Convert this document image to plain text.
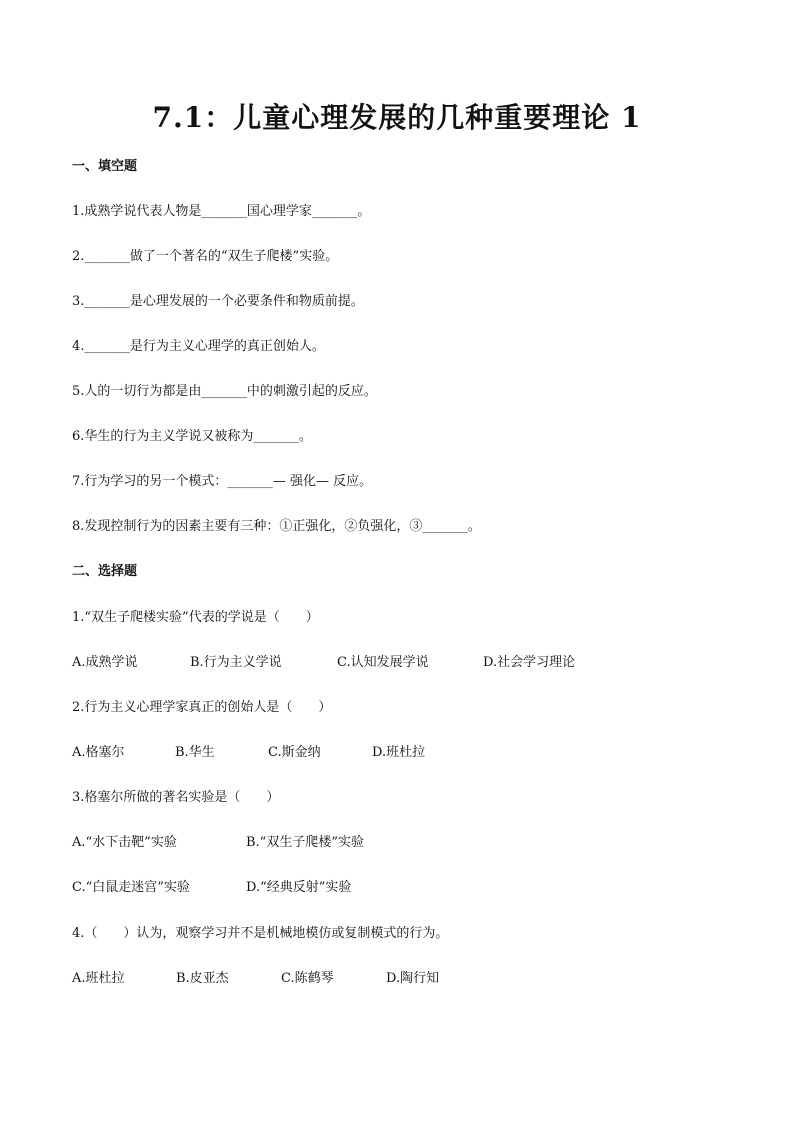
7.1：儿童心理发展的几种重要理论 1
一、填空题
1.成熟学说代表人物是_______国心理学家_______。
2._______做了一个著名的“双生子爬楼”实验。
3._______是心理发展的一个必要条件和物质前提。
4._______是行为主义心理学的真正创始人。
5.人的一切行为都是由_______中的刺激引起的反应。
6.华生的行为主义学说又被称为_______。
7.行为学习的另一个模式：_______— 强化— 反应。
8.发现控制行为的因素主要有三种：①正强化，②负强化，③_______。
二、选择题
1.“双生子爬楼实验”代表的学说是（　　）
A.成熟学说	B.行为主义学说	C.认知发展学说	D.社会学习理论
2.行为主义心理学家真正的创始人是（　　）
A.格塞尔	B.华生	C.斯金纳	D.班杜拉
3.格塞尔所做的著名实验是（　　）
A.“水下击靶”实验	B.“双生子爬楼”实验
C.“白鼠走迷宫”实验	D.“经典反射”实验
4.（　　）认为，观察学习并不是机械地模仿或复制模式的行为。
A.班杜拉	B.皮亚杰	C.陈鹤琴	D.陶行知
